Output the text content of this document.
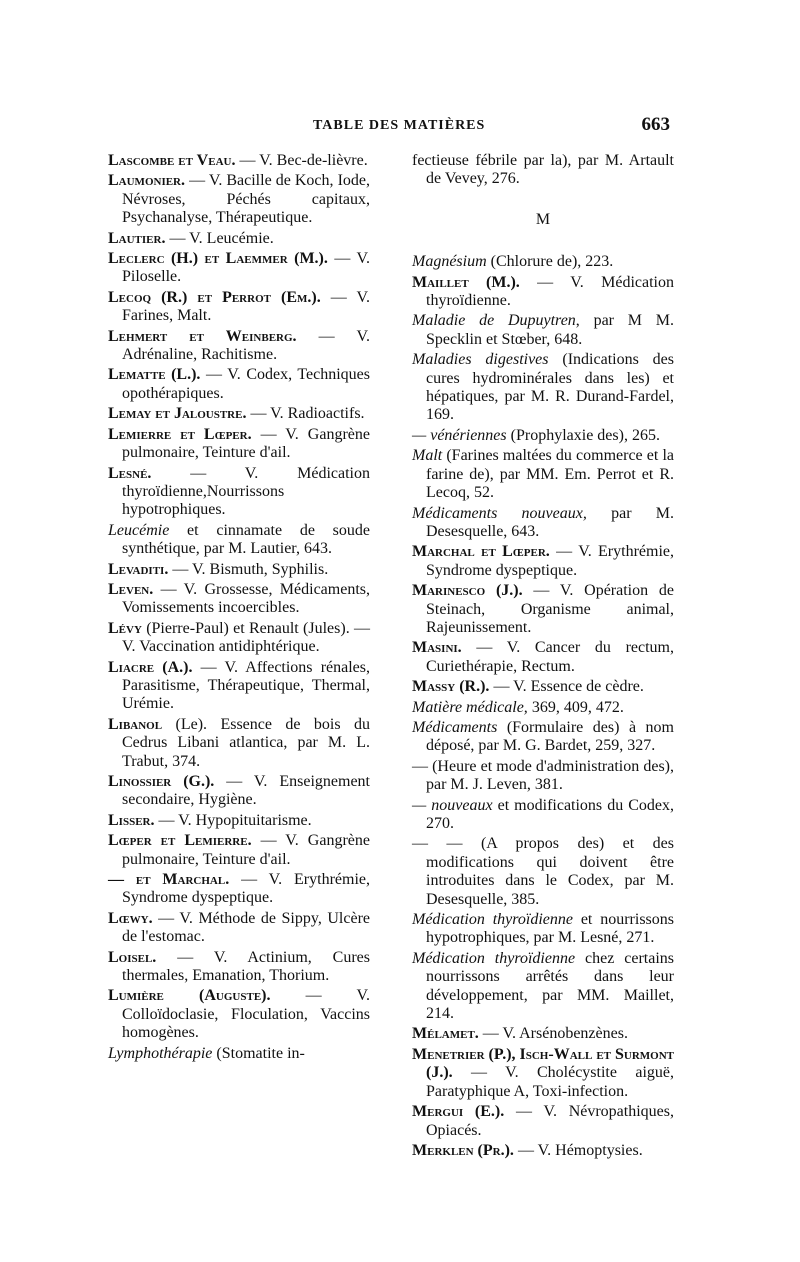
TABLE DES MATIÈRES	663

Lascombe et Veau. — V. Bec-de-lièvre.

Laumonier. — V. Bacille de Koch, Iode, Névroses, Péchés capitaux, Psychanalyse, Thérapeutique.

Lautier. — V. Leucémie.

Leclerc (H.) et Laemmer (M.). — V. Piloselle.

Lecoq (R.) et Perrot (Em.). — V. Farines, Malt.

Lehmert et Weinberg. — V. Adrénaline, Rachitisme.

Lematte (L.). — V. Codex, Techniques opothérapiques.

Lemay et Jaloustre. — V. Radioactifs.

Lemierre et Lœper. — V. Gangrène pulmonaire, Teinture d'ail.

Lesné. — V. Médication thyroïdienne,Nourrissons hypotrophiques.

Leucémie et cinnamate de soude synthétique, par M. Lautier, 643.

Levaditi. — V. Bismuth, Syphilis.

Leven. — V. Grossesse, Médicaments, Vomissements incoercibles.

Lévy (Pierre-Paul) et Renault (Jules). — V. Vaccination antidiphtérique.

Liacre (A.). — V. Affections rénales, Parasitisme, Thérapeutique, Thermal, Urémie.

Libanol (Le). Essence de bois du Cedrus Libani atlantica, par M. L. Trabut, 374.

Linossier (G.). — V. Enseignement secondaire, Hygiène.

Lisser. — V. Hypopituitarisme.

Lœper et Lemierre. — V. Gangrène pulmonaire, Teinture d'ail.

— et Marchal. — V. Erythrémie, Syndrome dyspeptique.

Lœwy. — V. Méthode de Sippy, Ulcère de l'estomac.

Loisel. — V. Actinium, Cures thermales, Emanation, Thorium.

Lumière (Auguste). — V. Colloïdoclasie, Floculation, Vaccins homogènes.

Lymphothérapie (Stomatite in-

fectieuse fébrile par la), par M. Artault de Vevey, 276.

M

Magnésium (Chlorure de), 223.

Maillet (M.). — V. Médication thyroïdienne.

Maladie de Dupuytren, par M M. Specklin et Stœber, 648.

Maladies digestives (Indications des cures hydrominérales dans les) et hépatiques, par M. R. Durand-Fardel, 169.

— vénériennes (Prophylaxie des), 265.

Malt (Farines maltées du commerce et la farine de), par MM. Em. Perrot et R. Lecoq, 52.

Médicaments nouveaux, par M. Desesquelle, 643.

Marchal et Lœper. — V. Erythrémie, Syndrome dyspeptique.

Marinesco (J.). — V. Opération de Steinach, Organisme animal, Rajeunissement.

Masini. — V. Cancer du rectum, Curiethérapie, Rectum.

Massy (R.). — V. Essence de cèdre.

Matière médicale, 369, 409, 472.

Médicaments (Formulaire des) à nom déposé, par M. G. Bardet, 259, 327.

— (Heure et mode d'administration des), par M. J. Leven, 381.

— nouveaux et modifications du Codex, 270.

— — (A propos des) et des modifications qui doivent être introduites dans le Codex, par M. Desesquelle, 385.

Médication thyroïdienne et nourrissons hypotrophiques, par M. Lesné, 271.

Médication thyroïdienne chez certains nourrissons arrêtés dans leur développement, par MM. Maillet, 214.

Mélamet. — V. Arsénobenzènes.

Menetrier (P.), Isch-Wall et Surmont (J.). — V. Cholécystite aiguë, Paratyphique A, Toxi-infection.

Mergui (E.). — V. Névropathiques, Opiacés.

Merklen (Pr.). — V. Hémoptysies.
